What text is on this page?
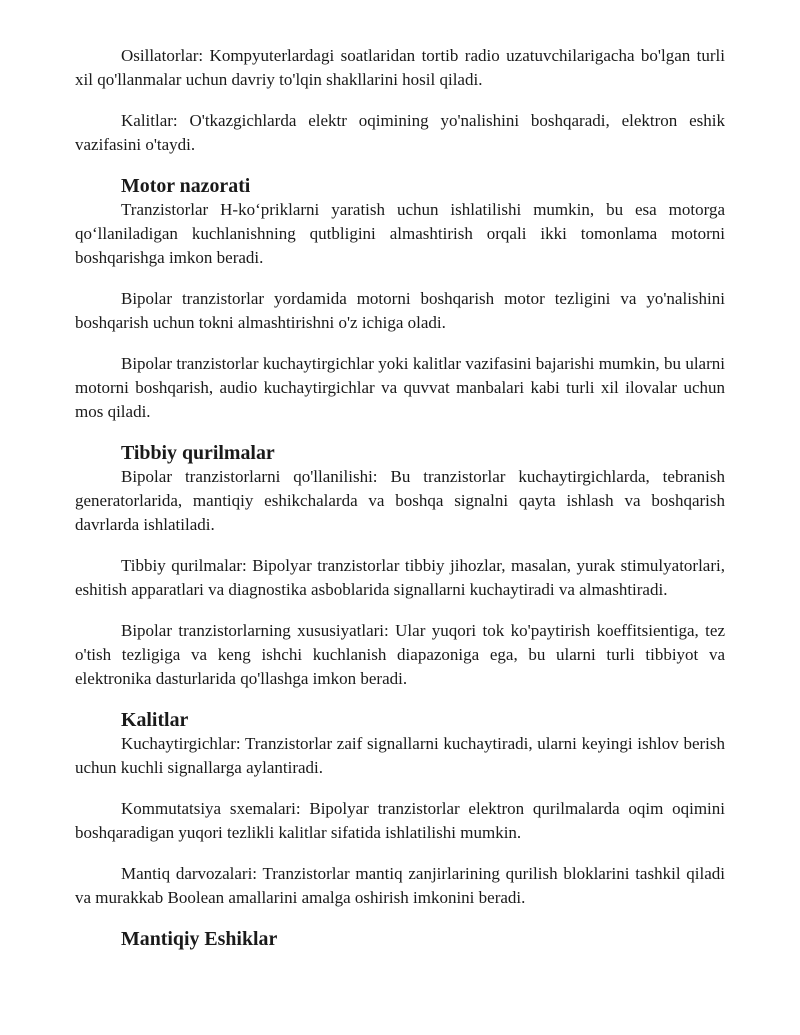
Osillatorlar: Kompyuterlardagi soatlaridan tortib radio uzatuvchilarigacha bo'lgan turli xil qo'llanmalar uchun davriy to'lqin shakllarini hosil qiladi.

Kalitlar: O'tkazgichlarda elektr oqimining yo'nalishini boshqaradi, elektron eshik vazifasini o'taydi.

Motor nazorati

Tranzistorlar H-koʻpriklarni yaratish uchun ishlatilishi mumkin, bu esa motorga qoʻllaniladigan kuchlanishning qutbligini almashtirish orqali ikki tomonlama motorni boshqarishga imkon beradi.

Bipolar tranzistorlar yordamida motorni boshqarish motor tezligini va yo'nalishini boshqarish uchun tokni almashtirishni o'z ichiga oladi.

Bipolar tranzistorlar kuchaytirgichlar yoki kalitlar vazifasini bajarishi mumkin, bu ularni motorni boshqarish, audio kuchaytirgichlar va quvvat manbalari kabi turli xil ilovalar uchun mos qiladi.

Tibbiy qurilmalar

Bipolar tranzistorlarni qo'llanilishi: Bu tranzistorlar kuchaytirgichlarda, tebranish generatorlarida, mantiqiy eshikchalarda va boshqa signalni qayta ishlash va boshqarish davrlarda ishlatiladi.

Tibbiy qurilmalar: Bipolyar tranzistorlar tibbiy jihozlar, masalan, yurak stimulyatorlari, eshitish apparatlari va diagnostika asboblarida signallarni kuchaytiradi va almashtiradi.

Bipolar tranzistorlarning xususiyatlari: Ular yuqori tok ko'paytirish koeffitsientiga, tez o'tish tezligiga va keng ishchi kuchlanish diapazoniga ega, bu ularni turli tibbiyot va elektronika dasturlarida qo'llashga imkon beradi.

Kalitlar

Kuchaytirgichlar: Tranzistorlar zaif signallarni kuchaytiradi, ularni keyingi ishlov berish uchun kuchli signallarga aylantiradi.

Kommutatsiya sxemalari: Bipolyar tranzistorlar elektron qurilmalarda oqim oqimini boshqaradigan yuqori tezlikli kalitlar sifatida ishlatilishi mumkin.

Mantiq darvozalari: Tranzistorlar mantiq zanjirlarining qurilish bloklarini tashkil qiladi va murakkab Boolean amallarini amalga oshirish imkonini beradi.

Mantiqiy Eshiklar
